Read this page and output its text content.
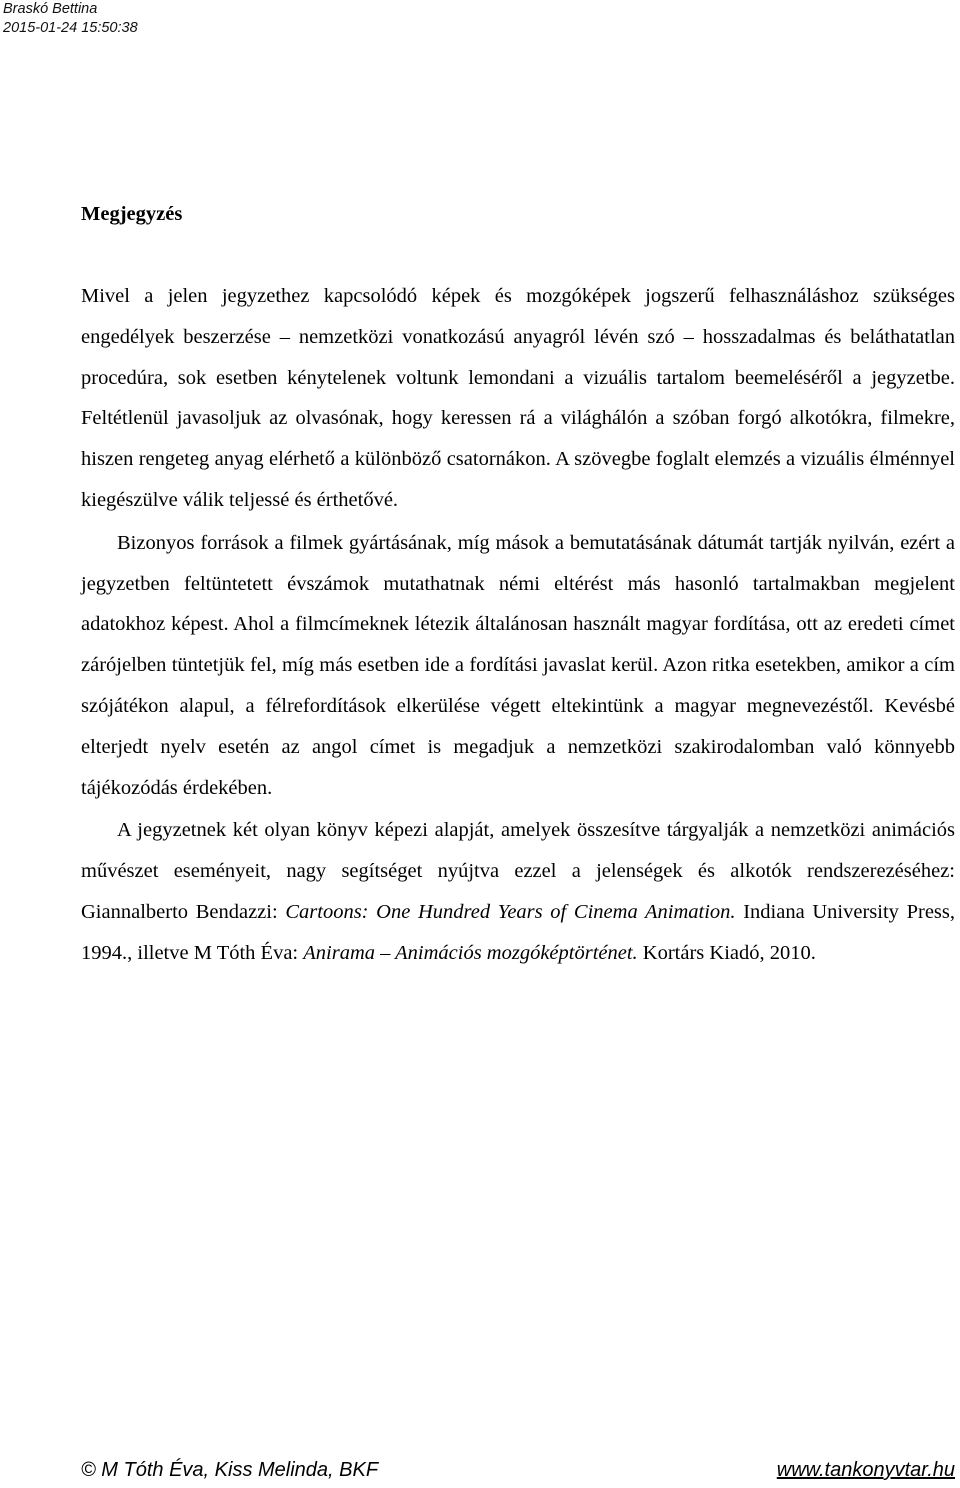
Braskó Bettina
2015-01-24 15:50:38
Megjegyzés

Mivel a jelen jegyzethez kapcsolódó képek és mozgóképek jogszerű felhasználáshoz szükséges engedélyek beszerzése – nemzetközi vonatkozású anyagról lévén szó – hosszadalmas és beláthatatlan procedúra, sok esetben kénytelenek voltunk lemondani a vizuális tartalom beemeléséről a jegyzetbe. Feltétlenül javasoljuk az olvasónak, hogy keressen rá a világhálón a szóban forgó alkotókra, filmekre, hiszen rengeteg anyag elérhető a különböző csatornákon. A szövegbe foglalt elemzés a vizuális élménnyel kiegészülve válik teljessé és érthetővé.

Bizonyos források a filmek gyártásának, míg mások a bemutatásának dátumát tartják nyilván, ezért a jegyzetben feltüntetett évszámok mutathatnak némi eltérést más hasonló tartalmakban megjelent adatokhoz képest. Ahol a filmcímeknek létezik általánosan használt magyar fordítása, ott az eredeti címet zárójelben tüntetjük fel, míg más esetben ide a fordítási javaslat kerül. Azon ritka esetekben, amikor a cím szójátékon alapul, a félrefordítások elkerülése végett eltekintünk a magyar megnevezéstől. Kevésbé elterjedt nyelv esetén az angol címet is megadjuk a nemzetközi szakirodalomban való könnyebb tájékozódás érdekében.

A jegyzetnek két olyan könyv képezi alapját, amelyek összesítve tárgyalják a nemzetközi animációs művészet eseményeit, nagy segítséget nyújtva ezzel a jelenségek és alkotók rendszerezéséhez: Giannalberto Bendazzi: Cartoons: One Hundred Years of Cinema Animation. Indiana University Press, 1994., illetve M Tóth Éva: Anirama – Animációs mozgóképtörténet. Kortárs Kiadó, 2010.

© M Tóth Éva, Kiss Melinda, BKF	www.tankonyvtar.hu
